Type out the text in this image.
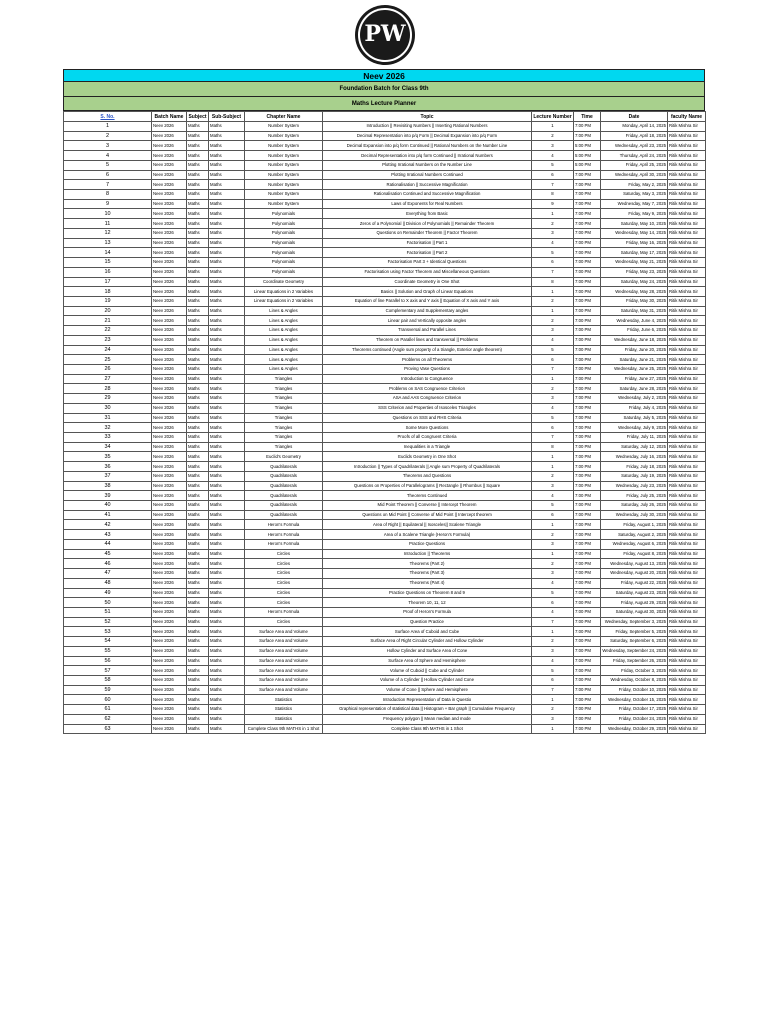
PW
Neev 2026
Foundation Batch for Class 9th
Maths Lecture Planner
S. No.	Batch Name	Subject	Sub-Subject	Chapter Name	Topic	Lecture Number	Time	Date	faculty Name
1	Neev 2026	Maths	Maths	Number System	Introduction || Revisiting Numbers || Inserting Rational Numbers	1	7:00 PM	Monday, April 14, 2025	Ritik Mishra Sir
2	Neev 2026	Maths	Maths	Number System	Decimal Representation into p/q Form || Decimal Expansion into p/q Form	2	7:00 PM	Friday, April 18, 2025	Ritik Mishra Sir
3	Neev 2026	Maths	Maths	Number System	Decimal Expansion into p/q form Continued || Rational Numbers on the Number Line	3	5:00 PM	Wednesday, April 23, 2025	Ritik Mishra Sir
4	Neev 2026	Maths	Maths	Number System	Decimal Representation into p/q form Continued || Irrational Numbers	4	5:00 PM	Thursday, April 24, 2025	Ritik Mishra Sir
5	Neev 2026	Maths	Maths	Number System	Plotting Irrational Numbers on the Number Line	5	5:00 PM	Friday, April 25, 2025	Ritik Mishra Sir
6	Neev 2026	Maths	Maths	Number System	Plotting Irrational Numbers Continued	6	7:00 PM	Wednesday, April 30, 2025	Ritik Mishra Sir
7	Neev 2026	Maths	Maths	Number System	Rationalisation || Successive Magnification	7	7:00 PM	Friday, May 2, 2025	Ritik Mishra Sir
8	Neev 2026	Maths	Maths	Number System	Rationalisation Continued and Successive Magnification	8	7:00 PM	Saturday, May 3, 2025	Ritik Mishra Sir
9	Neev 2026	Maths	Maths	Number System	Laws of Exponents for Real Numbers	9	7:00 PM	Wednesday, May 7, 2025	Ritik Mishra Sir
10	Neev 2026	Maths	Maths	Polynomials	Everything from Basic	1	7:00 PM	Friday, May 9, 2025	Ritik Mishra Sir
11	Neev 2026	Maths	Maths	Polynomials	Zeros of a Polynomial || Division of Polynomials || Remainder Theorem	2	7:00 PM	Saturday, May 10, 2025	Ritik Mishra Sir
12	Neev 2026	Maths	Maths	Polynomials	Questions on Remainder Theorem || Factor Theorem	3	7:00 PM	Wednesday, May 14, 2025	Ritik Mishra Sir
13	Neev 2026	Maths	Maths	Polynomials	Factorisation || Part 1	4	7:00 PM	Friday, May 16, 2025	Ritik Mishra Sir
14	Neev 2026	Maths	Maths	Polynomials	Factorisation || Part 2	5	7:00 PM	Saturday, May 17, 2025	Ritik Mishra Sir
15	Neev 2026	Maths	Maths	Polynomials	Factorisation Part 3 + Identical Questions	6	7:00 PM	Wednesday, May 21, 2025	Ritik Mishra Sir
16	Neev 2026	Maths	Maths	Polynomials	Factorisation using Factor Theorem and Miscellaneous Questions	7	7:00 PM	Friday, May 23, 2025	Ritik Mishra Sir
17	Neev 2026	Maths	Maths	Coordinate Geometry	Coordinate Geometry in One Shot	8	7:00 PM	Saturday, May 24, 2025	Ritik Mishra Sir
18	Neev 2026	Maths	Maths	Linear Equations in 2 Variables	Basics || Solution and Graph of Linear Equations	1	7:00 PM	Wednesday, May 28, 2025	Ritik Mishra Sir
19	Neev 2026	Maths	Maths	Linear Equations in 2 Variables	Equation of line Parallel to X axis and Y axis || Equation of X axis and Y axis	2	7:00 PM	Friday, May 30, 2025	Ritik Mishra Sir
20	Neev 2026	Maths	Maths	Lines & Angles	Complementary and Supplementary angles	1	7:00 PM	Saturday, May 31, 2025	Ritik Mishra Sir
21	Neev 2026	Maths	Maths	Lines & Angles	Linear pair and Vertically opposite angles	2	7:00 PM	Wednesday, June 4, 2025	Ritik Mishra Sir
22	Neev 2026	Maths	Maths	Lines & Angles	Transversal and Parallel Lines	3	7:00 PM	Friday, June 6, 2025	Ritik Mishra Sir
23	Neev 2026	Maths	Maths	Lines & Angles	Theorem on Parallel lines and transversal || Problems	4	7:00 PM	Wednesday, June 18, 2025	Ritik Mishra Sir
24	Neev 2026	Maths	Maths	Lines & Angles	Theorems continued (Angle sum property of a triangle, Exterior angle theorem)	5	7:00 PM	Friday, June 20, 2025	Ritik Mishra Sir
25	Neev 2026	Maths	Maths	Lines & Angles	Problems on all Theorems	6	7:00 PM	Saturday, June 21, 2025	Ritik Mishra Sir
26	Neev 2026	Maths	Maths	Lines & Angles	Proving Vase Questions	7	7:00 PM	Wednesday, June 25, 2025	Ritik Mishra Sir
27	Neev 2026	Maths	Maths	Triangles	Introduction to Congruence	1	7:00 PM	Friday, June 27, 2025	Ritik Mishra Sir
28	Neev 2026	Maths	Maths	Triangles	Problems on SAS Congruence Criterion	2	7:00 PM	Saturday, June 28, 2025	Ritik Mishra Sir
29	Neev 2026	Maths	Maths	Triangles	ASA and AAS Congruence Criterion	3	7:00 PM	Wednesday, July 2, 2025	Ritik Mishra Sir
30	Neev 2026	Maths	Maths	Triangles	SSS Criterion and Properties of Isosceles Triangles	4	7:00 PM	Friday, July 4, 2025	Ritik Mishra Sir
31	Neev 2026	Maths	Maths	Triangles	Questions on SSS and RHS Criteria	5	7:00 PM	Saturday, July 5, 2025	Ritik Mishra Sir
32	Neev 2026	Maths	Maths	Triangles	Some More Questions	6	7:00 PM	Wednesday, July 9, 2025	Ritik Mishra Sir
33	Neev 2026	Maths	Maths	Triangles	Proofs of all Congruent Criteria	7	7:00 PM	Friday, July 11, 2025	Ritik Mishra Sir
34	Neev 2026	Maths	Maths	Triangles	Inequalities in a Triangle	8	7:00 PM	Saturday, July 12, 2025	Ritik Mishra Sir
35	Neev 2026	Maths	Maths	Euclid's Geometry	Euclids Geometry in One Shot	1	7:00 PM	Wednesday, July 16, 2025	Ritik Mishra Sir
36	Neev 2026	Maths	Maths	Quadrilaterals	Introduction || Types of Quadrilaterals || Angle sum Property of Quadrilaterals	1	7:00 PM	Friday, July 18, 2025	Ritik Mishra Sir
37	Neev 2026	Maths	Maths	Quadrilaterals	Theorems and Questions	2	7:00 PM	Saturday, July 19, 2025	Ritik Mishra Sir
38	Neev 2026	Maths	Maths	Quadrilaterals	Questions on Properties of Parallelograms || Rectangle || Rhombus || Square	3	7:00 PM	Wednesday, July 23, 2025	Ritik Mishra Sir
39	Neev 2026	Maths	Maths	Quadrilaterals	Theorems Continued	4	7:00 PM	Friday, July 25, 2025	Ritik Mishra Sir
40	Neev 2026	Maths	Maths	Quadrilaterals	Mid Point Theorem || Converse || Intercept Theorem	5	7:00 PM	Saturday, July 26, 2025	Ritik Mishra Sir
41	Neev 2026	Maths	Maths	Quadrilaterals	Questions on Mid Point || Converse of Mid Point || Intercept theorem	6	7:00 PM	Wednesday, July 30, 2025	Ritik Mishra Sir
42	Neev 2026	Maths	Maths	Heron's Formula	Area of Right || Equilateral || Isosceles|| Scalene Triangle	1	7:00 PM	Friday, August 1, 2025	Ritik Mishra Sir
43	Neev 2026	Maths	Maths	Heron's Formula	Area of a Scalene Triangle (Heron's Formula)	2	7:00 PM	Saturday, August 2, 2025	Ritik Mishra Sir
44	Neev 2026	Maths	Maths	Heron's Formula	Practice Questions	3	7:00 PM	Wednesday, August 6, 2025	Ritik Mishra Sir
45	Neev 2026	Maths	Maths	Circles	Introduction || Theorems	1	7:00 PM	Friday, August 8, 2025	Ritik Mishra Sir
46	Neev 2026	Maths	Maths	Circles	Theorems (Part 2)	2	7:00 PM	Wednesday, August 13, 2025	Ritik Mishra Sir
47	Neev 2026	Maths	Maths	Circles	Theorems (Part 3)	3	7:00 PM	Wednesday, August 20, 2025	Ritik Mishra Sir
48	Neev 2026	Maths	Maths	Circles	Theorems (Part 4)	4	7:00 PM	Friday, August 22, 2025	Ritik Mishra Sir
49	Neev 2026	Maths	Maths	Circles	Practice Questions on Theorem 8 and 9	5	7:00 PM	Saturday, August 23, 2025	Ritik Mishra Sir
50	Neev 2026	Maths	Maths	Circles	Theorem 10, 11, 12	6	7:00 PM	Friday, August 29, 2025	Ritik Mishra Sir
51	Neev 2026	Maths	Maths	Heron's Formula	Proof of Heron's Formula	4	7:00 PM	Saturday, August 30, 2025	Ritik Mishra Sir
52	Neev 2026	Maths	Maths	Circles	Question Practice	7	7:00 PM	Wednesday, September 3, 2025	Ritik Mishra Sir
53	Neev 2026	Maths	Maths	Surface Area and Volume	Surface Area of Cuboid and Cube	1	7:00 PM	Friday, September 5, 2025	Ritik Mishra Sir
54	Neev 2026	Maths	Maths	Surface Area and Volume	Surface Area of Right Circular Cylinder and Hollow Cylinder	2	7:00 PM	Saturday, September 6, 2025	Ritik Mishra Sir
55	Neev 2026	Maths	Maths	Surface Area and Volume	Hollow Cylinder and Surface Area of Cone	3	7:00 PM	Wednesday, September 24, 2025	Ritik Mishra Sir
56	Neev 2026	Maths	Maths	Surface Area and Volume	Surface Area of Sphere and Hemisphere	4	7:00 PM	Friday, September 26, 2025	Ritik Mishra Sir
57	Neev 2026	Maths	Maths	Surface Area and Volume	Volume of Cuboid || Cube and Cylinder	5	7:00 PM	Friday, October 3, 2025	Ritik Mishra Sir
58	Neev 2026	Maths	Maths	Surface Area and Volume	Volume of a Cylinder || Hollow Cylinder and Cone	6	7:00 PM	Wednesday, October 8, 2025	Ritik Mishra Sir
59	Neev 2026	Maths	Maths	Surface Area and Volume	Volume of Cone || Sphere and Hemisphere	7	7:00 PM	Friday, October 10, 2025	Ritik Mishra Sir
60	Neev 2026	Maths	Maths	Statistics	Introduction Representation of Data in Questio	1	7:00 PM	Wednesday, October 15, 2025	Ritik Mishra Sir
61	Neev 2026	Maths	Maths	Statistics	Graphical representation of statistical data || Histogram + Bar graph || Cumulative Frequency	2	7:00 PM	Friday, October 17, 2025	Ritik Mishra Sir
62	Neev 2026	Maths	Maths	Statistics	Frequency polygon || Mean median and mode	3	7:00 PM	Friday, October 24, 2025	Ritik Mishra Sir
63	Neev 2026	Maths	Maths	Complete Class 9th MATHS in 1 Shot	Complete Class 9th MATHS in 1 Shot	1	7:00 PM	Wednesday, October 29, 2025	Ritik Mishra Sir
